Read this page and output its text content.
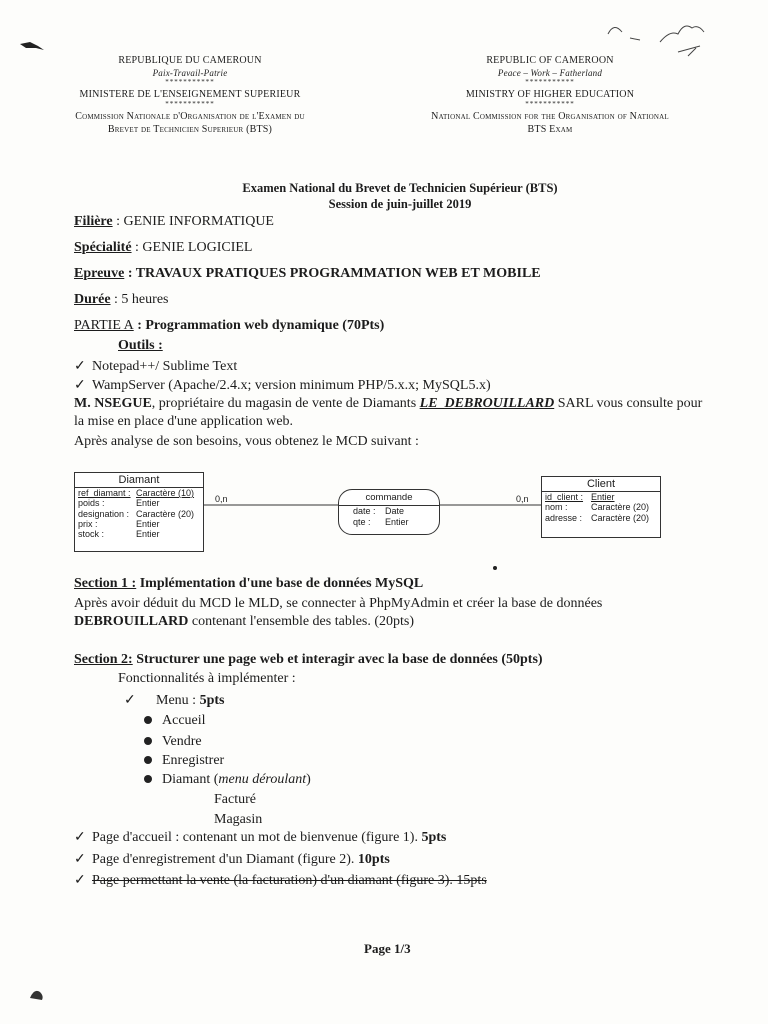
REPUBLIQUE DU CAMEROUN
Paix-Travail-Patrie
***********
MINISTERE DE L'ENSEIGNEMENT SUPERIEUR
***********
Commission Nationale d'Organisation de l'Examen du
Brevet de Technicien Superieur (BTS)
REPUBLIC OF CAMEROON
Peace – Work – Fatherland
***********
MINISTRY OF HIGHER EDUCATION
***********
National Commission for the Organisation of National
BTS Exam
Examen National du Brevet de Technicien Supérieur (BTS)
Session de juin-juillet 2019
Filière : GENIE INFORMATIQUE
Spécialité : GENIE LOGICIEL
Epreuve : TRAVAUX PRATIQUES PROGRAMMATION WEB ET MOBILE
Durée : 5 heures
PARTIE A : Programmation web dynamique (70Pts)
Outils :
✓ Notepad++/ Sublime Text
✓ WampServer (Apache/2.4.x; version minimum PHP/5.x.x; MySQL5.x)
M. NSEGUE, propriétaire du magasin de vente de Diamants LE_DEBROUILLARD SARL vous consulte pour la mise en place d'une application web.
Après analyse de son besoins, vous obtenez le MCD suivant :
Diamant
ref_diamant : Caractère (10)
poids :	Entier
designation : Caractère (20)
prix :	Entier
stock :	Entier
0,n	commande
date : Date
qte : Entier
0,n
Client
id_client : Entier
nom :	Caractère (20)
adresse : Caractère (20)
Section 1 : Implémentation d'une base de données MySQL
Après avoir déduit du MCD le MLD, se connecter à PhpMyAdmin et créer la base de données
DEBROUILLARD contenant l'ensemble des tables. (20pts)
Section 2: Structurer une page web et interagir avec la base de données (50pts)
Fonctionnalités à implémenter :
✓ Menu : 5pts
Accueil
Vendre
Enregistrer
Diamant (menu déroulant)
Facturé
Magasin
✓ Page d'accueil : contenant un mot de bienvenue (figure 1). 5pts
✓ Page d'enregistrement d'un Diamant (figure 2). 10pts
✓ Page permettant la vente (la facturation) d'un diamant (figure 3). 15pts
Page 1/3
